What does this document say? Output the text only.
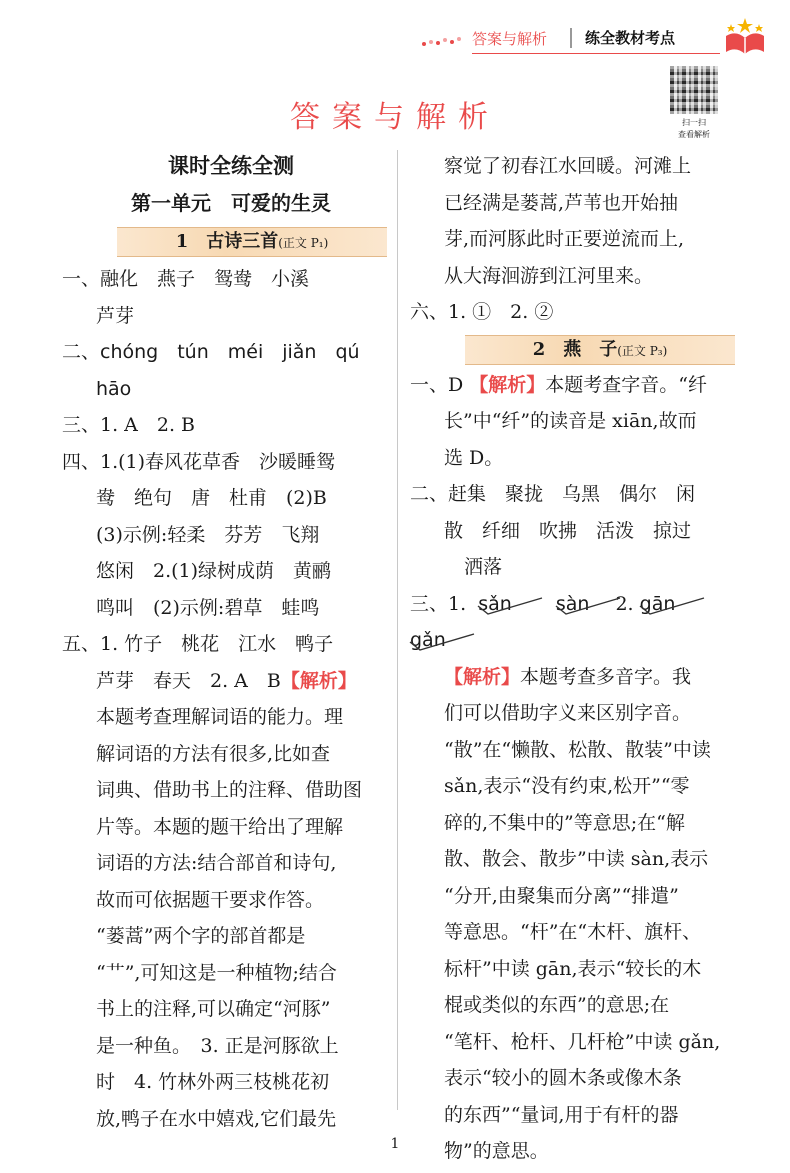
答案与解析	练全教材考点
答案与解析	扫一扫
查看解析
课时全练全测
第一单元　可爱的生灵
1　古诗三首(正文 P₁)
一、融化　燕子　鸳鸯　小溪
芦芽
二、chóng　tún　méi　jiǎn　qú
hāo
三、1. A　2. B
四、1.(1)春风花草香　沙暖睡鸳
鸯　绝句　唐　杜甫　(2)B
(3)示例:轻柔　芬芳　飞翔
悠闲　2.(1)绿树成荫　黄鹂
鸣叫　(2)示例:碧草　蛙鸣
五、1. 竹子　桃花　江水　鸭子
芦芽　春天　2. A　B【解析】
本题考查理解词语的能力。理
解词语的方法有很多,比如查
词典、借助书上的注释、借助图
片等。本题的题干给出了理解
词语的方法:结合部首和诗句,
故而可依据题干要求作答。
“蒌蒿”两个字的部首都是
“艹”,可知这是一种植物;结合
书上的注释,可以确定“河豚”
是一种鱼。　3. 正是河豚欲上
时　4. 竹林外两三枝桃花初
放,鸭子在水中嬉戏,它们最先
察觉了初春江水回暖。河滩上
已经满是蒌蒿,芦苇也开始抽
芽,而河豚此时正要逆流而上,
从大海洄游到江河里来。
六、1. ①　2. ②
2　燕　子(正文 P₃)
一、D 【解析】本题考查字音。“纤
长”中“纤”的读音是 xiān,故而
选 D。
二、赶集　聚拢　乌黑　偶尔　闲
散　纤细　吹拂　活泼　掠过
洒落
三、1. sǎn sàn 2. gān
gǎn
【解析】本题考查多音字。我
们可以借助字义来区别字音。
“散”在“懒散、松散、散装”中读
sǎn,表示“没有约束,松开”“零
碎的,不集中的”等意思;在“解
散、散会、散步”中读 sàn,表示
“分开,由聚集而分离”“排遣”
等意思。“杆”在“木杆、旗杆、
标杆”中读 gān,表示“较长的木
棍或类似的东西”的意思;在
“笔杆、枪杆、几杆枪”中读 gǎn,
表示“较小的圆木条或像木条
的东西”“量词,用于有杆的器
物”的意思。
1
